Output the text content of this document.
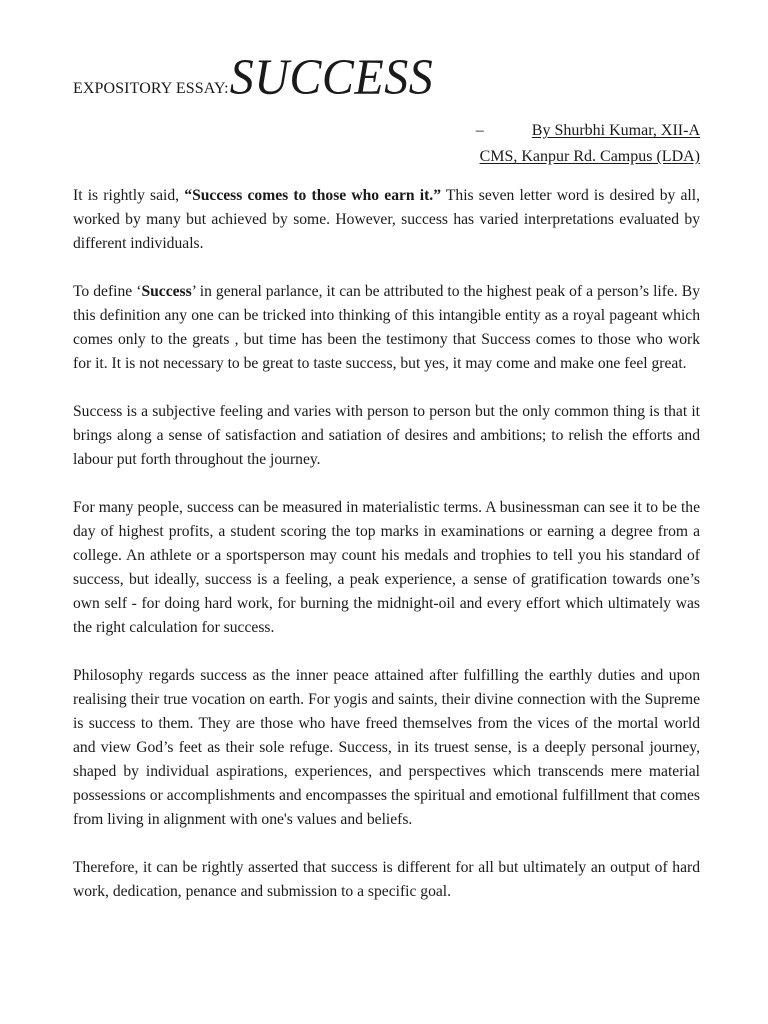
EXPOSITORY ESSAY: SUCCESS
–	By Shurbhi Kumar, XII-A
CMS, Kanpur Rd. Campus (LDA)

It is rightly said, “Success comes to those who earn it.” This seven letter word is desired by all, worked by many but achieved by some. However, success has varied interpretations evaluated by different individuals.

To define ‘Success’ in general parlance, it can be attributed to the highest peak of a person’s life. By this definition any one can be tricked into thinking of this intangible entity as a royal pageant which comes only to the greats , but time has been the testimony that Success comes to those who work for it. It is not necessary to be great to taste success, but yes, it may come and make one feel great.

Success is a subjective feeling and varies with person to person but the only common thing is that it brings along a sense of satisfaction and satiation of desires and ambitions; to relish the efforts and labour put forth throughout the journey.

For many people, success can be measured in materialistic terms. A businessman can see it to be the day of highest profits, a student scoring the top marks in examinations or earning a degree from a college. An athlete or a sportsperson may count his medals and trophies to tell you his standard of success, but ideally, success is a feeling, a peak experience, a sense of gratification towards one’s own self - for doing hard work, for burning the midnight-oil and every effort which ultimately was the right calculation for success.

Philosophy regards success as the inner peace attained after fulfilling the earthly duties and upon realising their true vocation on earth. For yogis and saints, their divine connection with the Supreme is success to them. They are those who have freed themselves from the vices of the mortal world and view God’s feet as their sole refuge. Success, in its truest sense, is a deeply personal journey, shaped by individual aspirations, experiences, and perspectives which transcends mere material possessions or accomplishments and encompasses the spiritual and emotional fulfillment that comes from living in alignment with one's values and beliefs.

Therefore, it can be rightly asserted that success is different for all but ultimately an output of hard work, dedication, penance and submission to a specific goal.
